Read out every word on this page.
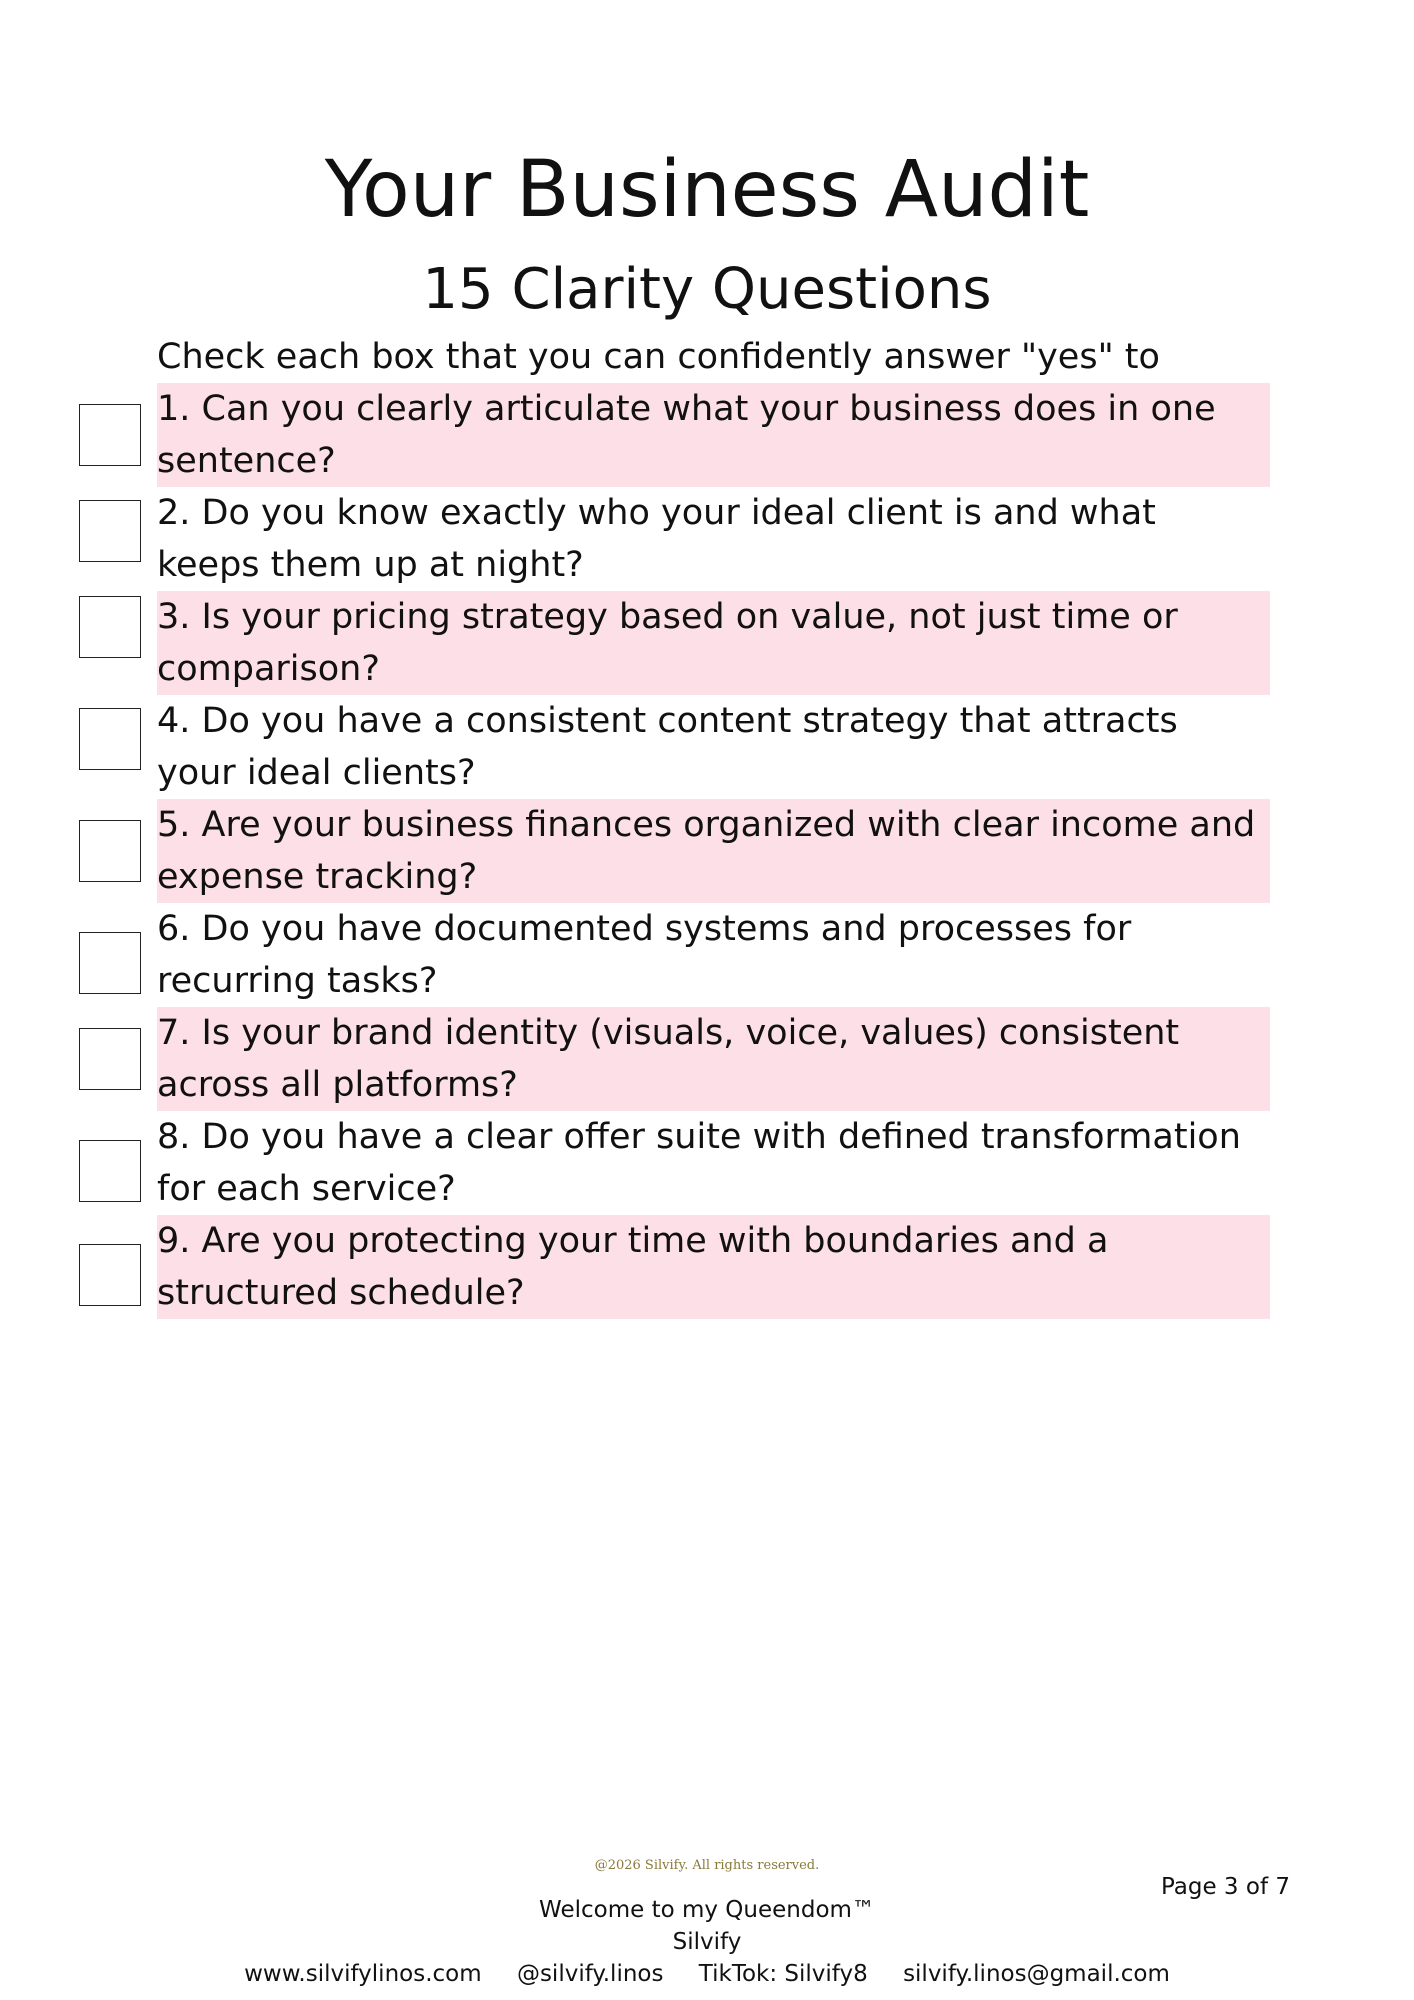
Your Business Audit
15 Clarity Questions

Check each box that you can confidently answer "yes" to

1. Can you clearly articulate what your business does in one sentence?
2. Do you know exactly who your ideal client is and what keeps them up at night?
3. Is your pricing strategy based on value, not just time or comparison?
4. Do you have a consistent content strategy that attracts your ideal clients?
5. Are your business finances organized with clear income and expense tracking?
6. Do you have documented systems and processes for recurring tasks?
7. Is your brand identity (visuals, voice, values) consistent across all platforms?
8. Do you have a clear offer suite with defined transformation for each service?
9. Are you protecting your time with boundaries and a structured schedule?
@2026 Silvify. All rights reserved.
Page 3 of 7
Welcome to my Queendom™
Silvify
www.silvifylinos.com @silvify.linos TikTok: Silvify8 silvify.linos@gmail.com
